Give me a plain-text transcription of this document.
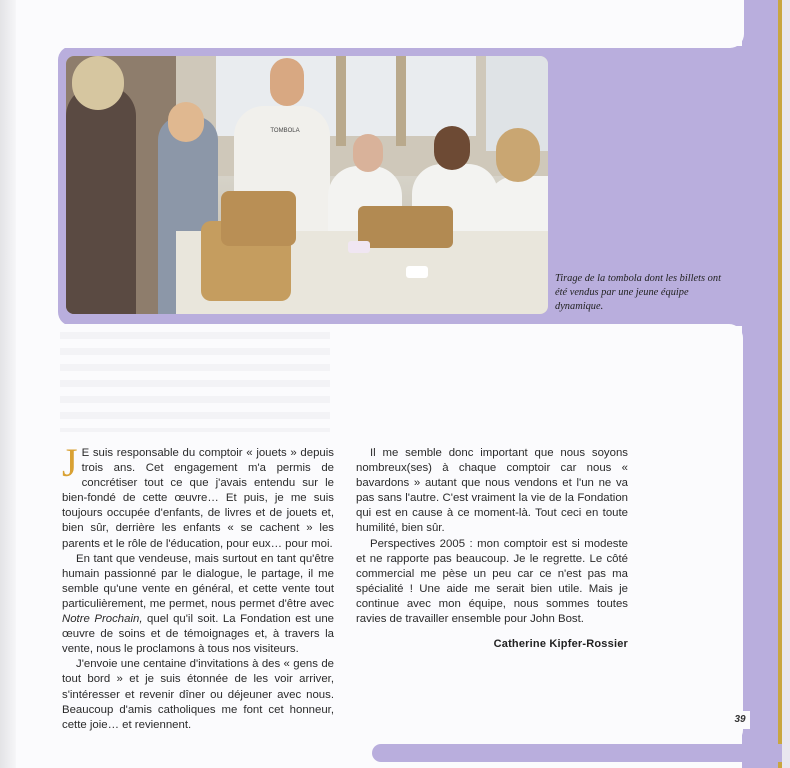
TOMBOLA

Tirage de la tombola dont les billets ont été vendus par une jeune équipe dynamique.

J E suis responsable du comptoir « jouets » depuis trois ans. Cet engagement m'a permis de concrétiser tout ce que j'avais entendu sur le bien-fondé de cette œuvre… Et puis, je me suis toujours occupée d'enfants, de livres et de jouets et, bien sûr, derrière les enfants « se cachent » les parents et le rôle de l'éducation, pour eux… pour moi.

En tant que vendeuse, mais surtout en tant qu'être humain passionné par le dialogue, le partage, il me semble qu'une vente en général, et cette vente tout particulièrement, me permet, nous permet d'être avec Notre Prochain, quel qu'il soit. La Fondation est une œuvre de soins et de témoignages et, à travers la vente, nous le proclamons à tous nos visiteurs.

J'envoie une centaine d'invitations à des « gens de tout bord » et je suis étonnée de les voir arriver, s'intéresser et revenir dîner ou déjeuner avec nous. Beaucoup d'amis catholiques me font cet honneur, cette joie… et reviennent.

Il me semble donc important que nous soyons nombreux(ses) à chaque comptoir car nous « bavardons » autant que nous vendons et l'un ne va pas sans l'autre. C'est vraiment la vie de la Fondation qui est en cause à ce moment-là. Tout ceci en toute humilité, bien sûr.

Perspectives 2005 : mon comptoir est si modeste et ne rapporte pas beaucoup. Je le regrette. Le côté commercial me pèse un peu car ce n'est pas ma spécialité ! Une aide me serait bien utile. Mais je continue avec mon équipe, nous sommes toutes ravies de travailler ensemble pour John Bost.

Catherine Kipfer-Rossier
39
